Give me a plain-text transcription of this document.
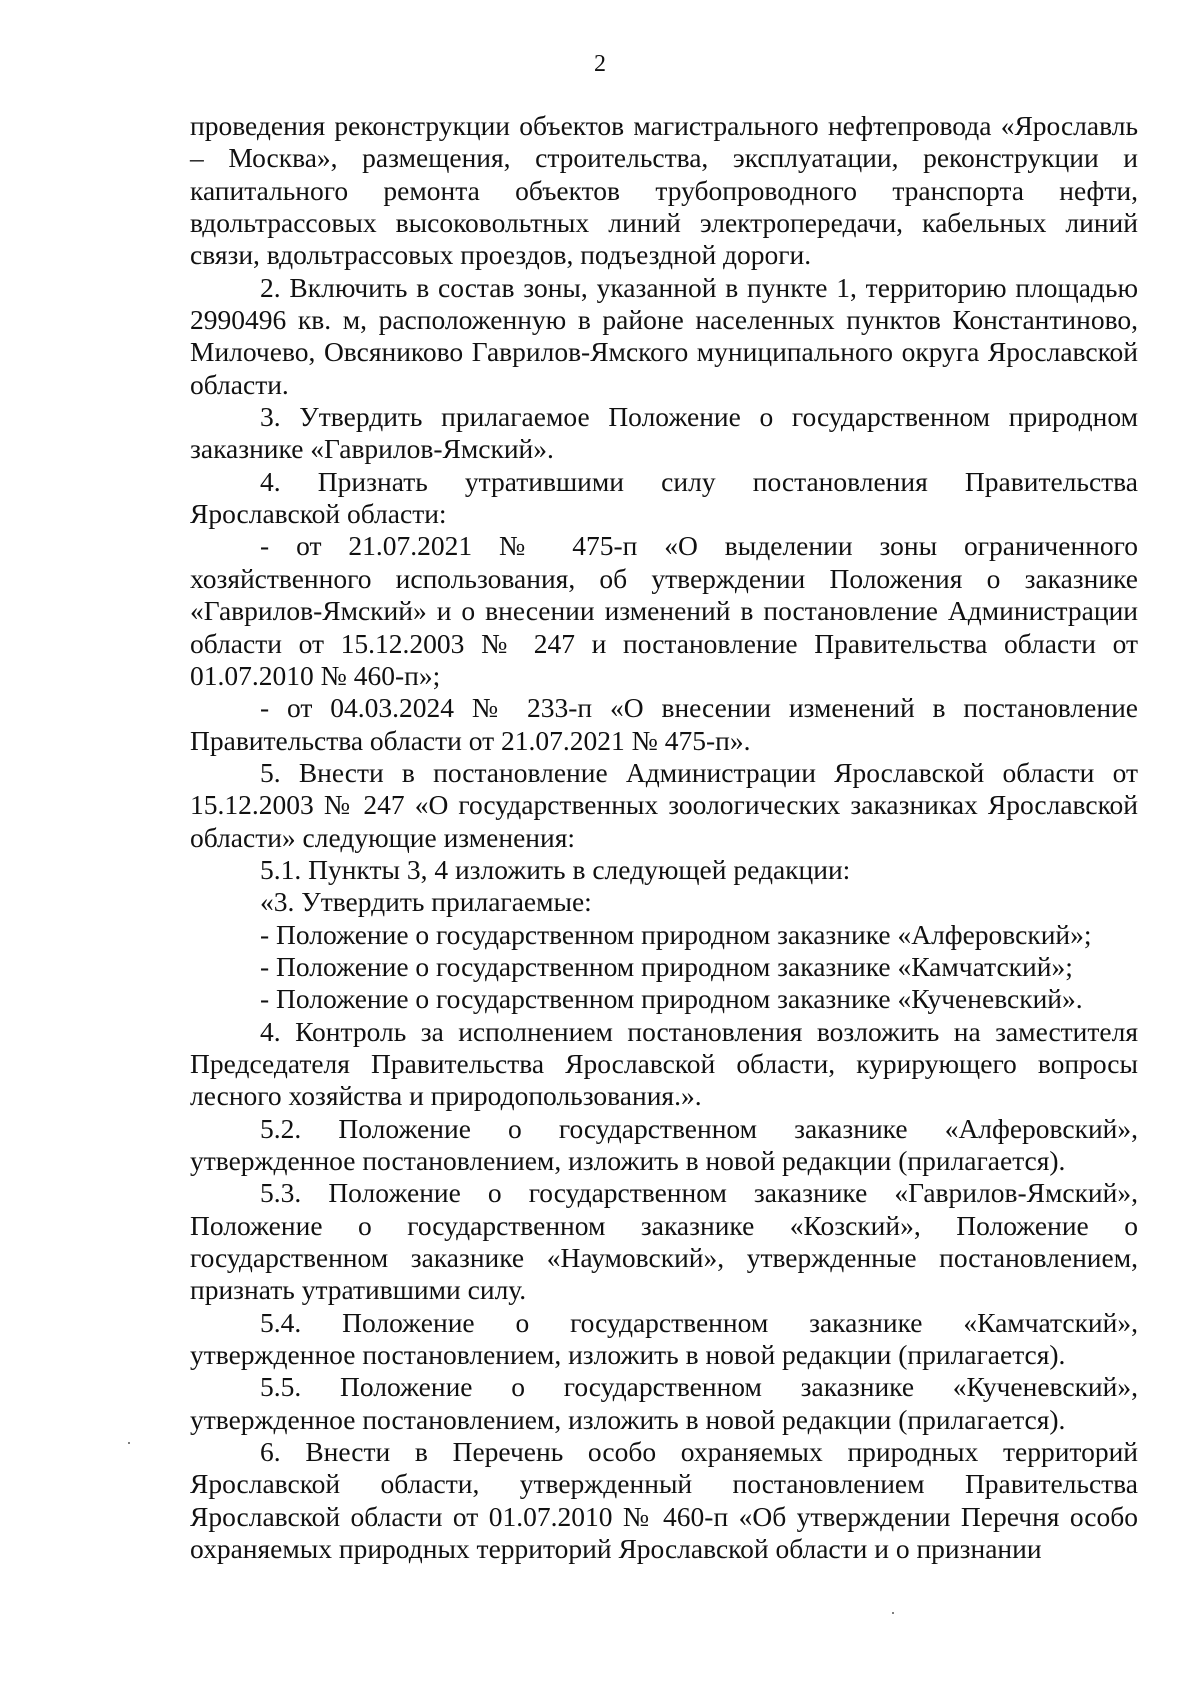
2

проведения реконструкции объектов магистрального нефтепровода «Ярославль – Москва», размещения, строительства, эксплуатации, реконструкции и капитального ремонта объектов трубопроводного транспорта нефти, вдольтрассовых высоковольтных линий электропередачи, кабельных линий связи, вдольтрассовых проездов, подъездной дороги.

2. Включить в состав зоны, указанной в пункте 1, территорию площадью 2990496 кв. м, расположенную в районе населенных пунктов Константиново, Милочево, Овсяниково Гаврилов-Ямского муниципального округа Ярославской области.

3. Утвердить прилагаемое Положение о государственном природном заказнике «Гаврилов-Ямский».

4. Признать утратившими силу постановления Правительства Ярославской области:

- от 21.07.2021 № 475-п «О выделении зоны ограниченного хозяйственного использования, об утверждении Положения о заказнике «Гаврилов-Ямский» и о внесении изменений в постановление Администрации области от 15.12.2003 № 247 и постановление Правительства области от 01.07.2010 № 460-п»;

- от 04.03.2024 № 233-п «О внесении изменений в постановление Правительства области от 21.07.2021 № 475-п».

5. Внести в постановление Администрации Ярославской области от 15.12.2003 № 247 «О государственных зоологических заказниках Ярославской области» следующие изменения:

5.1. Пункты 3, 4 изложить в следующей редакции:

«3. Утвердить прилагаемые:

- Положение о государственном природном заказнике «Алферовский»;

- Положение о государственном природном заказнике «Камчатский»;

- Положение о государственном природном заказнике «Кученевский».

4. Контроль за исполнением постановления возложить на заместителя Председателя Правительства Ярославской области, курирующего вопросы лесного хозяйства и природопользования.».

5.2. Положение о государственном заказнике «Алферовский», утвержденное постановлением, изложить в новой редакции (прилагается).

5.3. Положение о государственном заказнике «Гаврилов-Ямский», Положение о государственном заказнике «Козский», Положение о государственном заказнике «Наумовский», утвержденные постановлением, признать утратившими силу.

5.4. Положение о государственном заказнике «Камчатский», утвержденное постановлением, изложить в новой редакции (прилагается).

5.5. Положение о государственном заказнике «Кученевский», утвержденное постановлением, изложить в новой редакции (прилагается).

6. Внести в Перечень особо охраняемых природных территорий Ярославской области, утвержденный постановлением Правительства Ярославской области от 01.07.2010 № 460-п «Об утверждении Перечня особо охраняемых природных территорий Ярославской области и о признании
